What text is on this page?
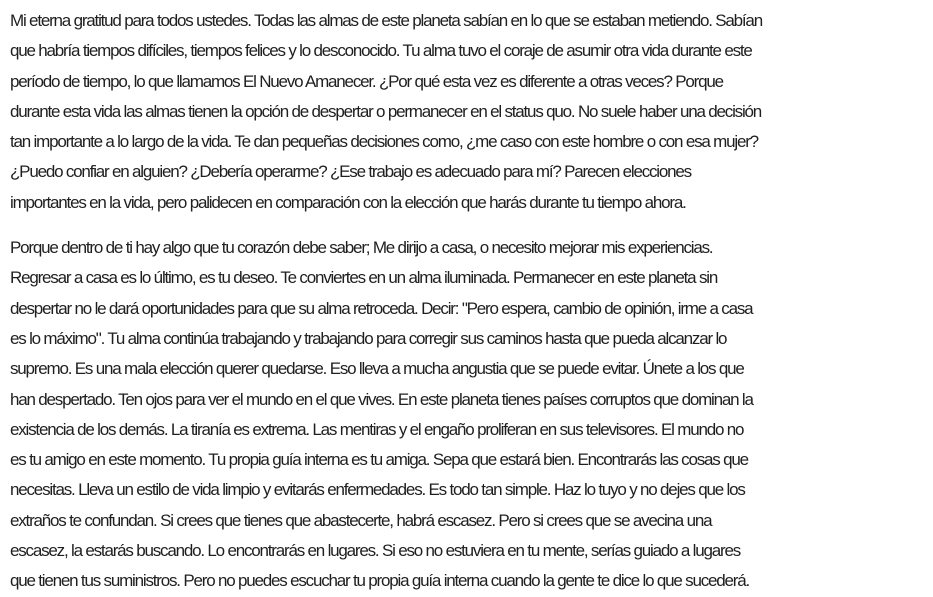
Mi eterna gratitud para todos ustedes. Todas las almas de este planeta sabían en lo que se estaban metiendo. Sabían
que habría tiempos difíciles, tiempos felices y lo desconocido. Tu alma tuvo el coraje de asumir otra vida durante este
período de tiempo, lo que llamamos El Nuevo Amanecer. ¿Por qué esta vez es diferente a otras veces? Porque
durante esta vida las almas tienen la opción de despertar o permanecer en el status quo. No suele haber una decisión
tan importante a lo largo de la vida. Te dan pequeñas decisiones como, ¿me caso con este hombre o con esa mujer?
¿Puedo confiar en alguien? ¿Debería operarme? ¿Ese trabajo es adecuado para mí? Parecen elecciones
importantes en la vida, pero palidecen en comparación con la elección que harás durante tu tiempo ahora.

Porque dentro de ti hay algo que tu corazón debe saber; Me dirijo a casa, o necesito mejorar mis experiencias.
Regresar a casa es lo último, es tu deseo. Te conviertes en un alma iluminada. Permanecer en este planeta sin
despertar no le dará oportunidades para que su alma retroceda. Decir: "Pero espera, cambio de opinión, irme a casa
es lo máximo". Tu alma continúa trabajando y trabajando para corregir sus caminos hasta que pueda alcanzar lo
supremo. Es una mala elección querer quedarse. Eso lleva a mucha angustia que se puede evitar. Únete a los que
han despertado. Ten ojos para ver el mundo en el que vives. En este planeta tienes países corruptos que dominan la
existencia de los demás. La tiranía es extrema. Las mentiras y el engaño proliferan en sus televisores. El mundo no
es tu amigo en este momento. Tu propia guía interna es tu amiga. Sepa que estará bien. Encontrarás las cosas que
necesitas. Lleva un estilo de vida limpio y evitarás enfermedades. Es todo tan simple. Haz lo tuyo y no dejes que los
extraños te confundan. Si crees que tienes que abastecerte, habrá escasez. Pero si crees que se avecina una
escasez, la estarás buscando. Lo encontrarás en lugares. Si eso no estuviera en tu mente, serías guiado a lugares
que tienen tus suministros. Pero no puedes escuchar tu propia guía interna cuando la gente te dice lo que sucederá.
